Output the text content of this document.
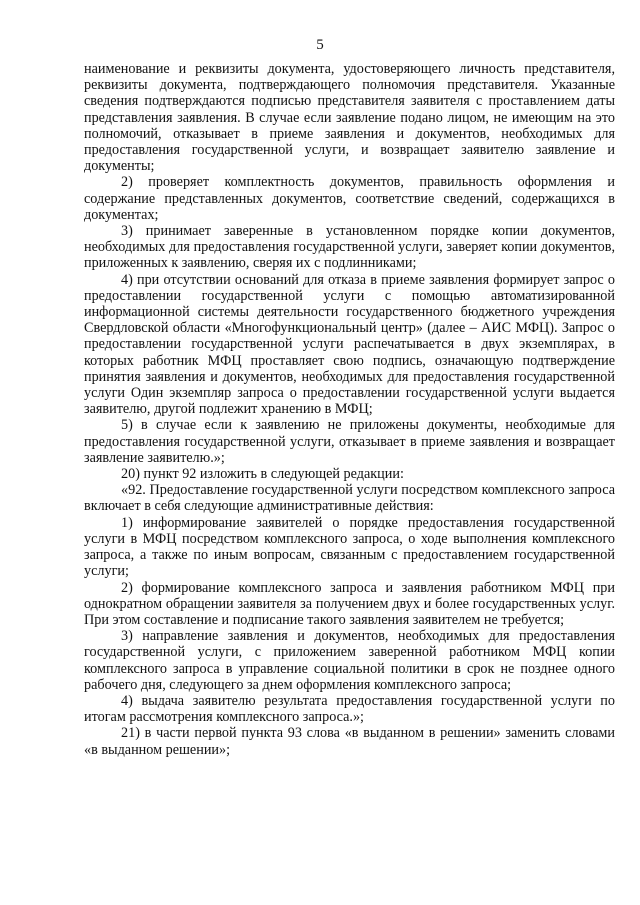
5

наименование и реквизиты документа, удостоверяющего личность представителя, реквизиты документа, подтверждающего полномочия представителя. Указанные сведения подтверждаются подписью представителя заявителя с проставлением даты представления заявления. В случае если заявление подано лицом, не имеющим на это полномочий, отказывает в приеме заявления и документов, необходимых для предоставления государственной услуги, и возвращает заявителю заявление и документы;

2) проверяет комплектность документов, правильность оформления и содержание представленных документов, соответствие сведений, содержащихся в документах;

3) принимает заверенные в установленном порядке копии документов, необходимых для предоставления государственной услуги, заверяет копии документов, приложенных к заявлению, сверяя их с подлинниками;

4) при отсутствии оснований для отказа в приеме заявления формирует запрос о предоставлении государственной услуги с помощью автоматизированной информационной системы деятельности государственного бюджетного учреждения Свердловской области «Многофункциональный центр» (далее – АИС МФЦ). Запрос о предоставлении государственной услуги распечатывается в двух экземплярах, в которых работник МФЦ проставляет свою подпись, означающую подтверждение принятия заявления и документов, необходимых для предоставления государственной услуги Один экземпляр запроса о предоставлении государственной услуги выдается заявителю, другой подлежит хранению в МФЦ;

5) в случае если к заявлению не приложены документы, необходимые для предоставления государственной услуги, отказывает в приеме заявления и возвращает заявление заявителю.»;

20) пункт 92 изложить в следующей редакции:

«92. Предоставление государственной услуги посредством комплексного запроса включает в себя следующие административные действия:

1) информирование заявителей о порядке предоставления государственной услуги в МФЦ посредством комплексного запроса, о ходе выполнения комплексного запроса, а также по иным вопросам, связанным с предоставлением государственной услуги;

2) формирование комплексного запроса и заявления работником МФЦ при однократном обращении заявителя за получением двух и более государственных услуг. При этом составление и подписание такого заявления заявителем не требуется;

3) направление заявления и документов, необходимых для предоставления государственной услуги, с приложением заверенной работником МФЦ копии комплексного запроса в управление социальной политики в срок не позднее одного рабочего дня, следующего за днем оформления комплексного запроса;

4) выдача заявителю результата предоставления государственной услуги по итогам рассмотрения комплексного запроса.»;

21) в части первой пункта 93 слова «в выданном в решении» заменить словами «в выданном решении»;
